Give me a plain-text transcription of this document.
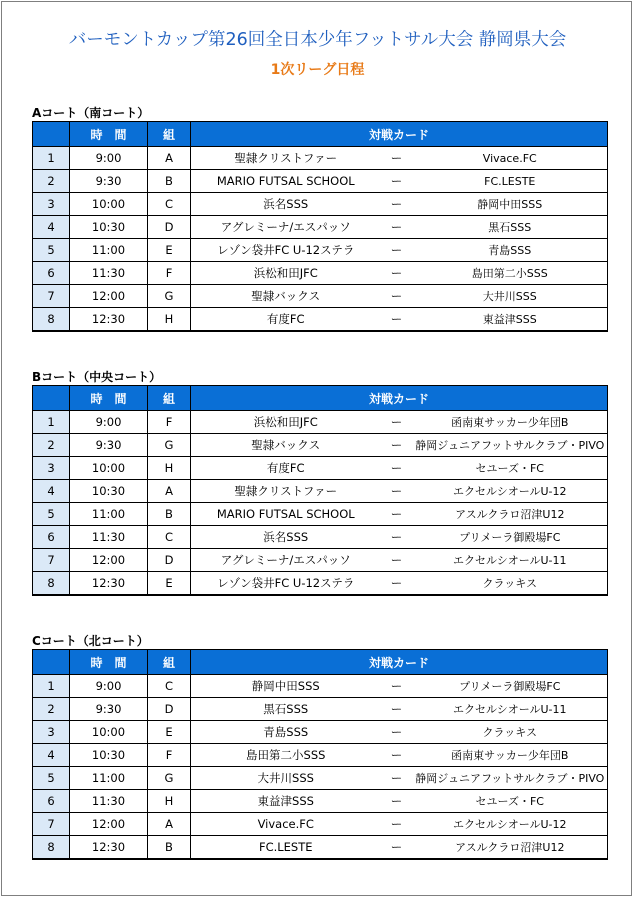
バーモントカップ第26回全日本少年フットサル大会 静岡県大会
1次リーグ日程
Aコート（南コート）
	時　間	組	対戦カード		
1	9:00	A	聖隷クリストファー	ー	Vivace.FC
2	9:30	B	MARIO FUTSAL SCHOOL	ー	FC.LESTE
3	10:00	C	浜名SSS	ー	静岡中田SSS
4	10:30	D	アグレミーナ/エスパッソ	ー	黒石SSS
5	11:00	E	レゾン袋井FC U-12ステラ	ー	青島SSS
6	11:30	F	浜松和田JFC	ー	島田第二小SSS
7	12:00	G	聖隷バックス	ー	大井川SSS
8	12:30	H	有度FC	ー	東益津SSS
Bコート（中央コート）
	時　間	組	対戦カード		
1	9:00	F	浜松和田JFC	ー	函南東サッカー少年団B
2	9:30	G	聖隷バックス	ー	静岡ジュニアフットサルクラブ・PIVO
3	10:00	H	有度FC	ー	セユーズ・FC
4	10:30	A	聖隷クリストファー	ー	エクセルシオールU-12
5	11:00	B	MARIO FUTSAL SCHOOL	ー	アスルクラロ沼津U12
6	11:30	C	浜名SSS	ー	プリメーラ御殿場FC
7	12:00	D	アグレミーナ/エスパッソ	ー	エクセルシオールU-11
8	12:30	E	レゾン袋井FC U-12ステラ	ー	クラッキス
Cコート（北コート）
	時　間	組	対戦カード		
1	9:00	C	静岡中田SSS	ー	プリメーラ御殿場FC
2	9:30	D	黒石SSS	ー	エクセルシオールU-11
3	10:00	E	青島SSS	ー	クラッキス
4	10:30	F	島田第二小SSS	ー	函南東サッカー少年団B
5	11:00	G	大井川SSS	ー	静岡ジュニアフットサルクラブ・PIVO
6	11:30	H	東益津SSS	ー	セユーズ・FC
7	12:00	A	Vivace.FC	ー	エクセルシオールU-12
8	12:30	B	FC.LESTE	ー	アスルクラロ沼津U12
